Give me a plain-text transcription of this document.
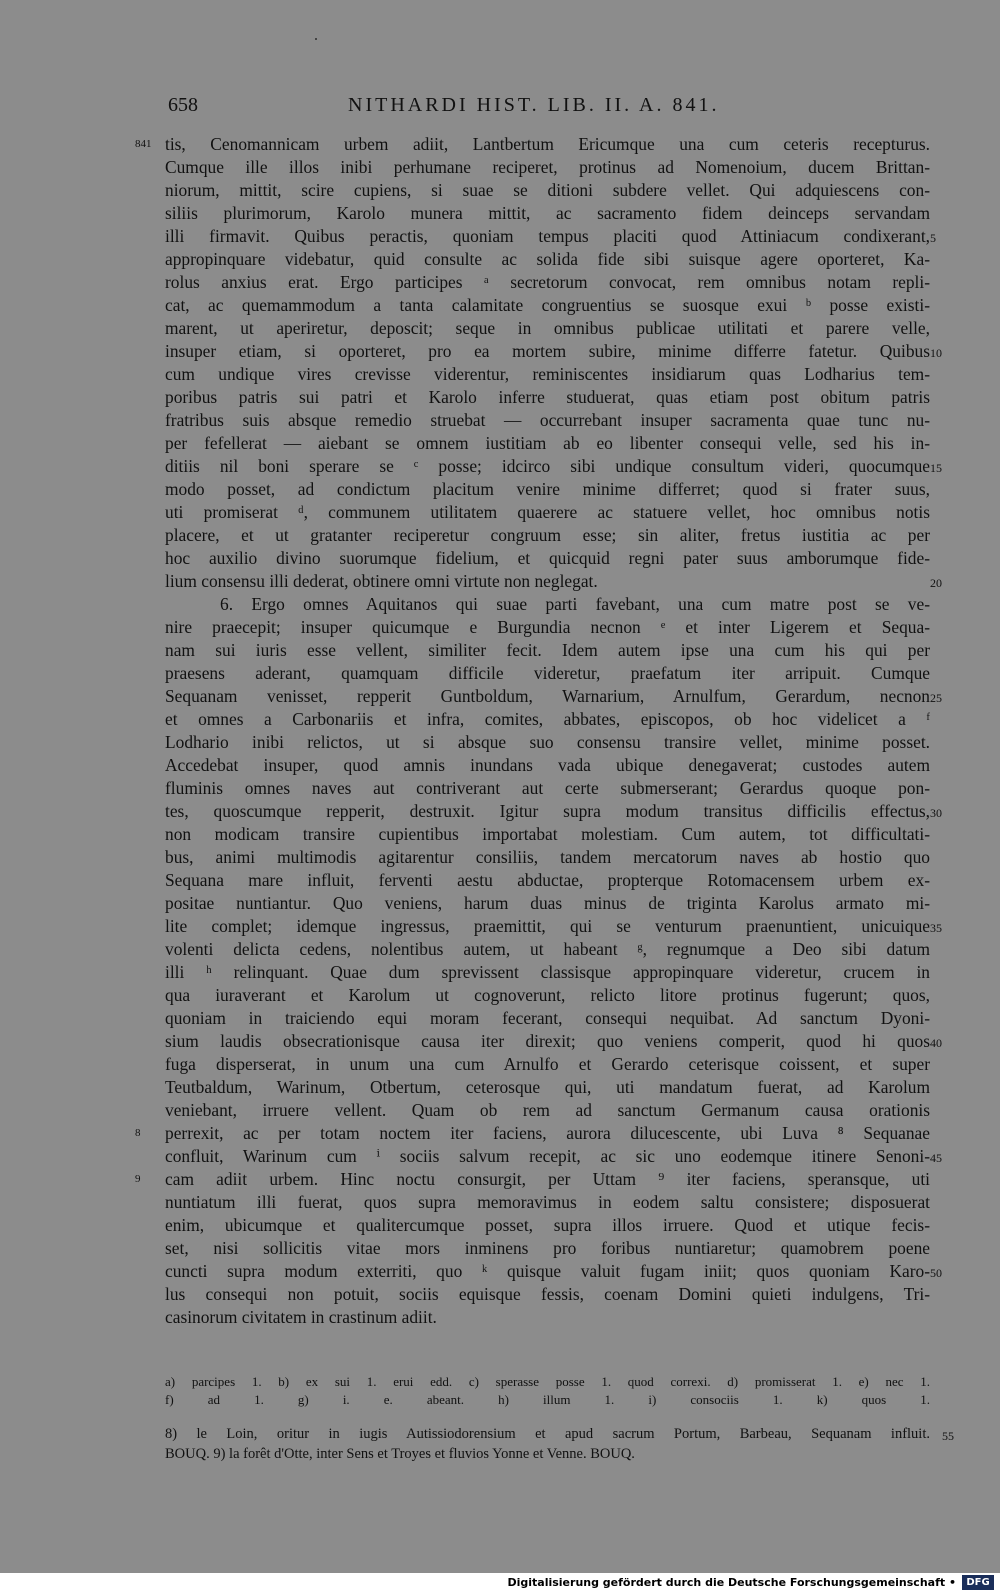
658	NITHARDI HIST. LIB. II. A. 841.
tis, Cenomannicam urbem adiit, Lantbertum Ericumque una cum ceteris recepturus.
841
Cumque ille illos inibi perhumane reciperet, protinus ad Nomenoium, ducem Brittan-
niorum, mittit, scire cupiens, si suae se ditioni subdere vellet. Qui adquiescens con-
siliis plurimorum, Karolo munera mittit, ac sacramento fidem deinceps servandam
illi firmavit. Quibus peractis, quoniam tempus placiti quod Attiniacum condixerant, 5
appropinquare videbatur, quid consulte ac solida fide sibi suisque agere oporteret, Ka-
rolus anxius erat. Ergo participes ᵃ secretorum convocat, rem omnibus notam repli-
cat, ac quemammodum a tanta calamitate congruentius se suosque exui ᵇ posse existi-
marent, ut aperiretur, deposcit; seque in omnibus publicae utilitati et parere velle,
insuper etiam, si oporteret, pro ea mortem subire, minime differre fatetur. Quibus 10
cum undique vires crevisse viderentur, reminiscentes insidiarum quas Lodharius tem-
poribus patris sui patri et Karolo inferre studuerat, quas etiam post obitum patris
fratribus suis absque remedio struebat — occurrebant insuper sacramenta quae tunc nu-
per fefellerat — aiebant se omnem iustitiam ab eo libenter consequi velle, sed his in-
ditiis nil boni sperare se ᶜ posse; idcirco sibi undique consultum videri, quocumque 15
modo posset, ad condictum placitum venire minime differret; quod si frater suus,
uti promiserat ᵈ, communem utilitatem quaerere ac statuere vellet, hoc omnibus notis
placere, et ut gratanter reciperetur congruum esse; sin aliter, fretus iustitia ac per
hoc auxilio divino suorumque fidelium, et quicquid regni pater suus amborumque fide-
lium consensu illi dederat, obtinere omni virtute non neglegat.	20
6. Ergo omnes Aquitanos qui suae parti favebant, una cum matre post se ve-
nire praecepit; insuper quicumque e Burgundia necnon ᵉ et inter Ligerem et Sequa-
nam sui iuris esse vellent, similiter fecit. Idem autem ipse una cum his qui per
praesens aderant, quamquam difficile videretur, praefatum iter arripuit. Cumque
Sequanam venisset, repperit Guntboldum, Warnarium, Arnulfum, Gerardum, necnon 25
et omnes a Carbonariis et infra, comites, abbates, episcopos, ob hoc videlicet a ᶠ
Lodhario inibi relictos, ut si absque suo consensu transire vellet, minime posset.
Accedebat insuper, quod amnis inundans vada ubique denegaverat; custodes autem
fluminis omnes naves aut contriverant aut certe submerserant; Gerardus quoque pon-
tes, quoscumque repperit, destruxit. Igitur supra modum transitus difficilis effectus, 30
non modicam transire cupientibus importabat molestiam. Cum autem, tot difficultati-
bus, animi multimodis agitarentur consiliis, tandem mercatorum naves ab hostio quo
Sequana mare influit, ferventi aestu abductae, propterque Rotomacensem urbem ex-
positae nuntiantur. Quo veniens, harum duas minus de triginta Karolus armato mi-
lite complet; idemque ingressus, praemittit, qui se venturum praenuntient, unicuique 35
volenti delicta cedens, nolentibus autem, ut habeant ᵍ, regnumque a Deo sibi datum
illi ʰ relinquant. Quae dum sprevissent classisque appropinquare videretur, crucem in
qua iuraverant et Karolum ut cognoverunt, relicto litore protinus fugerunt; quos,
quoniam in traiciendo equi moram fecerant, consequi nequibat. Ad sanctum Dyoni-
sium laudis obsecrationisque causa iter direxit; quo veniens comperit, quod hi quos 40
fuga disperserat, in unum una cum Arnulfo et Gerardo ceterisque coissent, et super
Teutbaldum, Warinum, Otbertum, ceterosque qui, uti mandatum fuerat, ad Karolum
veniebant, irruere vellent. Quam ob rem ad sanctum Germanum causa orationis
perrexit, ac per totam noctem iter faciens, aurora dilucescente, ubi Luva ⁸ Sequanae
8
confluit, Warinum cum ⁱ sociis salvum recepit, ac sic uno eodemque itinere Senoni- 45
cam adiit urbem. Hinc noctu consurgit, per Uttam ⁹ iter faciens, speransque, uti
9
nuntiatum illi fuerat, quos supra memoravimus in eodem saltu consistere; disposuerat
enim, ubicumque et qualitercumque posset, supra illos irruere. Quod et utique fecis-
set, nisi sollicitis vitae mors inminens pro foribus nuntiaretur; quamobrem poene
cuncti supra modum exterriti, quo ᵏ quisque valuit fugam iniit; quos quoniam Karo- 50
lus consequi non potuit, sociis equisque fessis, coenam Domini quieti indulgens, Tri-
casinorum civitatem in crastinum adiit.
a) parcipes 1. b) ex sui 1. erui edd. c) sperasse posse 1. quod correxi. d) promisserat 1. e) nec 1.
f) ad 1. g) i. e. abeant. h) illum 1. i) consociis 1. k) quos 1.
8) le Loin, oritur in iugis Autissiodorensium et apud sacrum Portum, Barbeau, Sequanam influit. 55
BOUQ. 9) la forêt d'Otte, inter Sens et Troyes et fluvios Yonne et Venne. BOUQ.
Digitalisierung gefördert durch die Deutsche Forschungsgemeinschaft •	DFG
